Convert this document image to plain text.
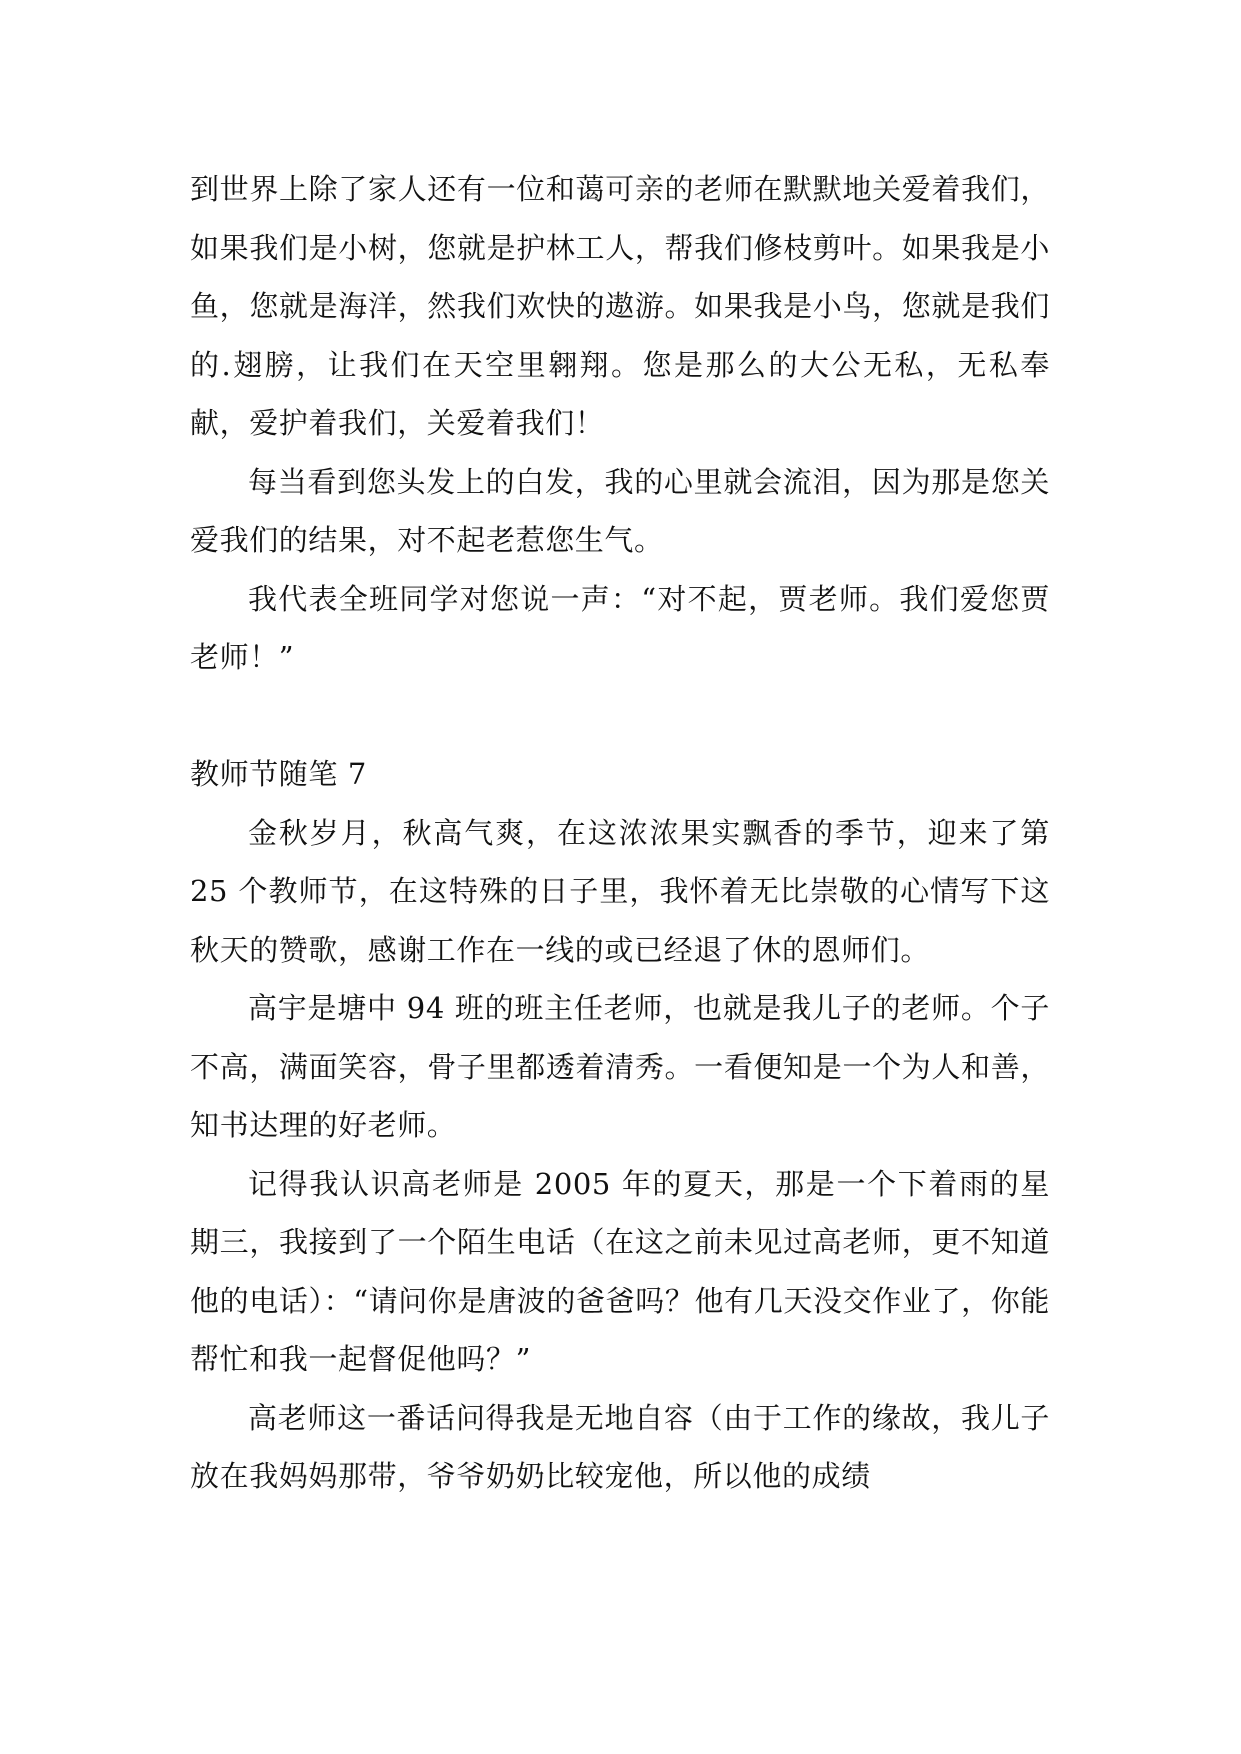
到世界上除了家人还有一位和蔼可亲的老师在默默地关爱着我们，如果我们是小树，您就是护林工人，帮我们修枝剪叶。如果我是小鱼，您就是海洋，然我们欢快的遨游。如果我是小鸟，您就是我们的.翅膀，让我们在天空里翱翔。您是那么的大公无私，无私奉献，爱护着我们，关爱着我们！

每当看到您头发上的白发，我的心里就会流泪，因为那是您关爱我们的结果，对不起老惹您生气。

我代表全班同学对您说一声：“对不起，贾老师。我们爱您贾老师！”

教师节随笔 7

金秋岁月，秋高气爽，在这浓浓果实飘香的季节，迎来了第 25 个教师节，在这特殊的日子里，我怀着无比崇敬的心情写下这秋天的赞歌，感谢工作在一线的或已经退了休的恩师们。

高宇是塘中 94 班的班主任老师，也就是我儿子的老师。个子不高，满面笑容，骨子里都透着清秀。一看便知是一个为人和善，知书达理的好老师。

记得我认识高老师是 2005 年的夏天，那是一个下着雨的星期三，我接到了一个陌生电话（在这之前未见过高老师，更不知道他的电话）：“请问你是唐波的爸爸吗？他有几天没交作业了，你能帮忙和我一起督促他吗？”

高老师这一番话问得我是无地自容（由于工作的缘故，我儿子放在我妈妈那带，爷爷奶奶比较宠他，所以他的成绩
